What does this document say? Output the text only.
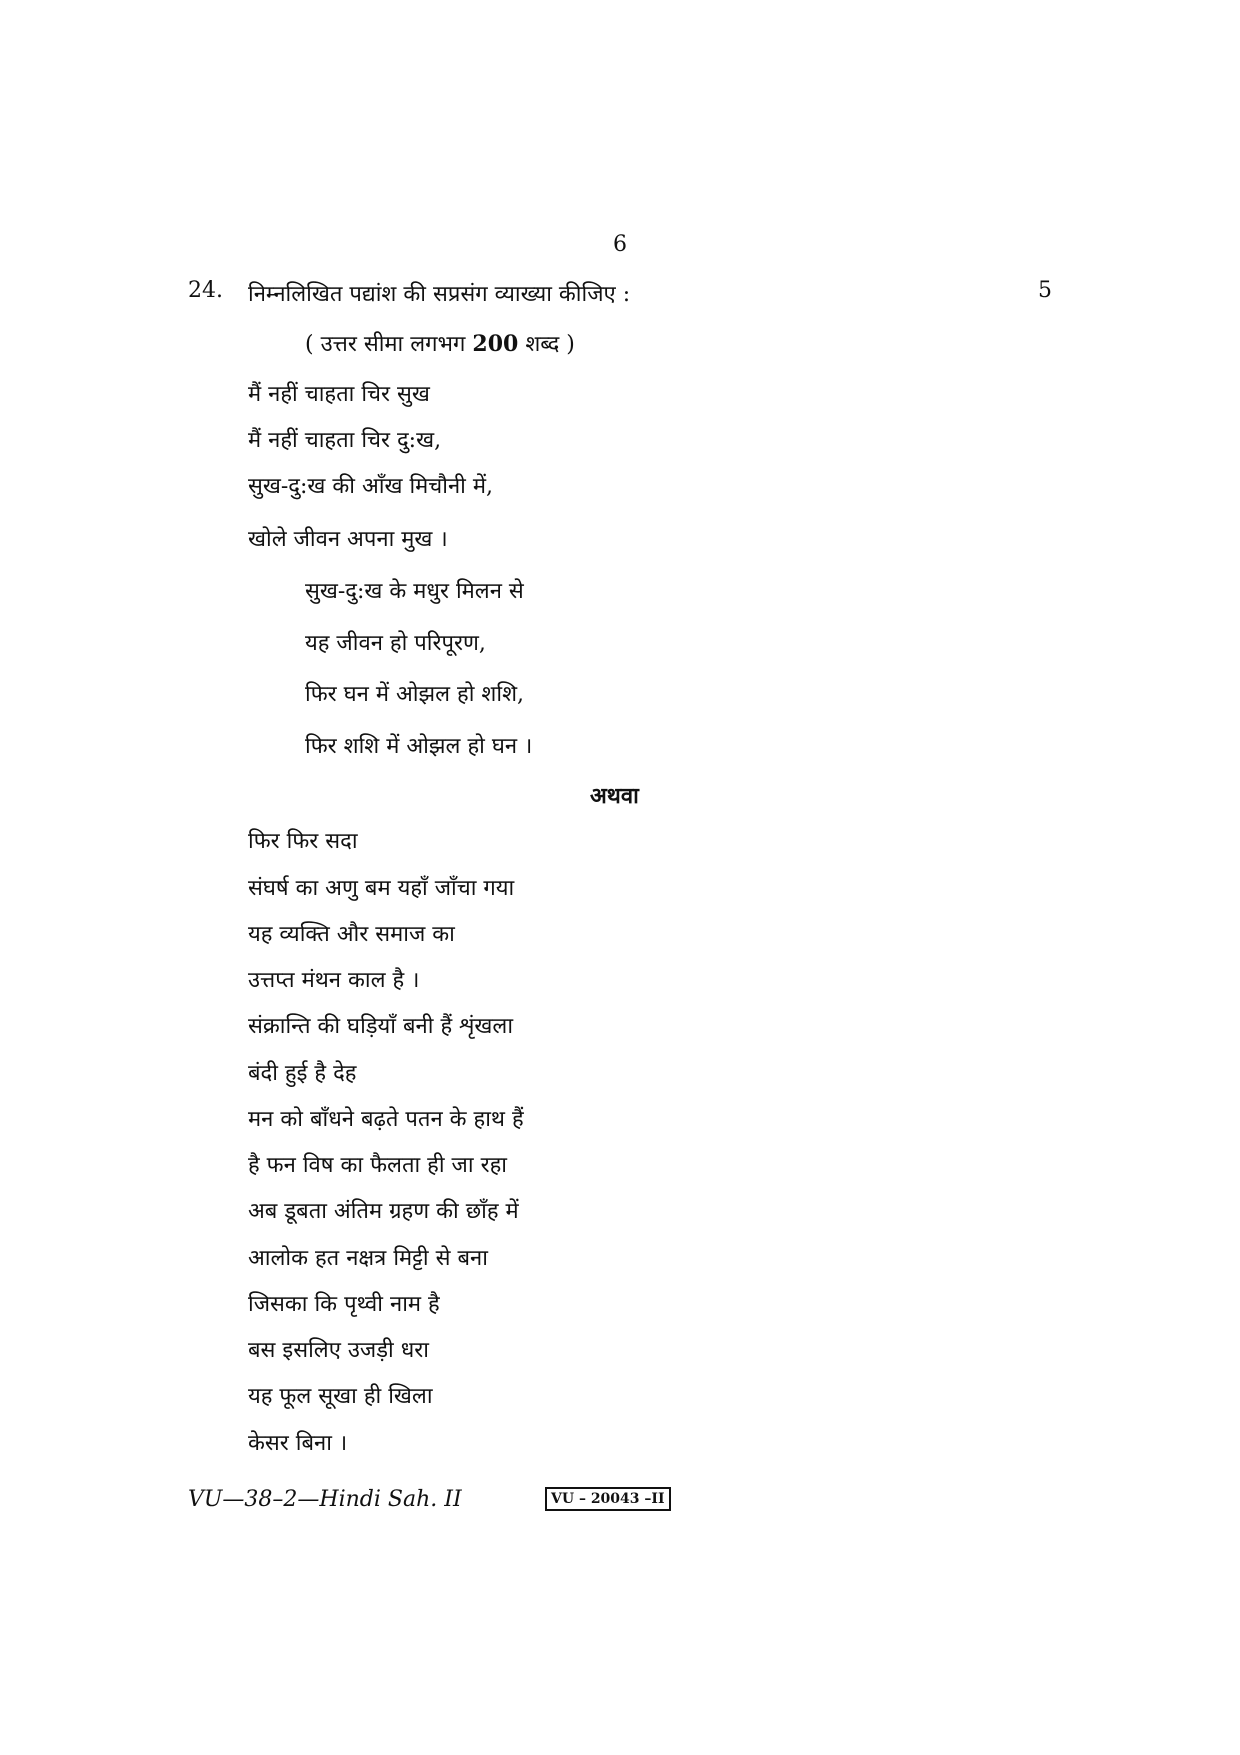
6
24. निम्नलिखित पद्यांश की सप्रसंग व्याख्या कीजिए :	5
( उत्तर सीमा लगभग 200 शब्द )
मैं नहीं चाहता चिर सुख
मैं नहीं चाहता चिर दु:ख,
सुख-दु:ख की आँख मिचौनी में,
खोले जीवन अपना मुख ।
सुख-दु:ख के मधुर मिलन से
यह जीवन हो परिपूरण,
फिर घन में ओझल हो शशि,
फिर शशि में ओझल हो घन ।
अथवा
फिर फिर सदा
संघर्ष का अणु बम यहाँ जाँचा गया
यह व्यक्ति और समाज का
उत्तप्त मंथन काल है ।
संक्रान्ति की घड़ियाँ बनी हैं शृंखला
बंदी हुई है देह
मन को बाँधने बढ़ते पतन के हाथ हैं
है फन विष का फैलता ही जा रहा
अब डूबता अंतिम ग्रहण की छाँह में
आलोक हत नक्षत्र मिट्टी से बना
जिसका कि पृथ्वी नाम है
बस इसलिए उजड़ी धरा
यह फूल सूखा ही खिला
केसर बिना ।
VU—38–2—Hindi Sah. II	VU – 20043 –II
